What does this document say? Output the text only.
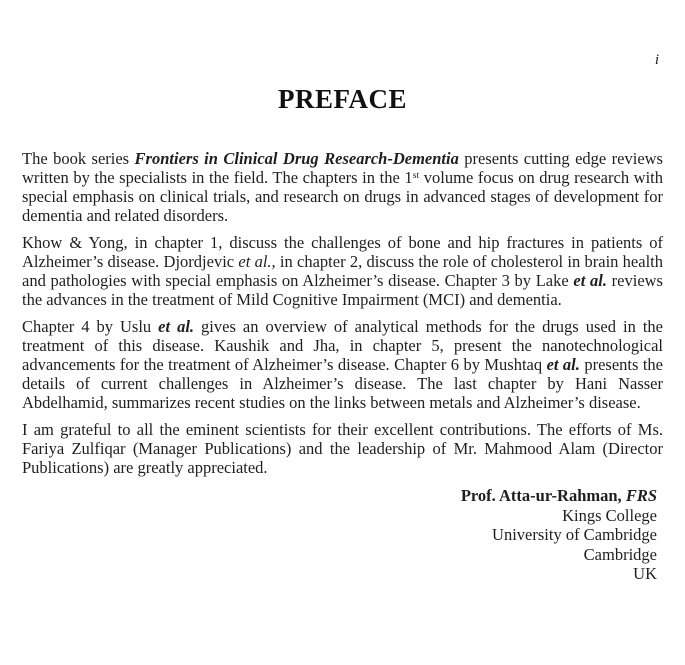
i
PREFACE

The book series Frontiers in Clinical Drug Research-Dementia presents cutting edge reviews written by the specialists in the field. The chapters in the 1st volume focus on drug research with special emphasis on clinical trials, and research on drugs in advanced stages of development for dementia and related disorders.

Khow & Yong, in chapter 1, discuss the challenges of bone and hip fractures in patients of Alzheimer’s disease. Djordjevic et al., in chapter 2, discuss the role of cholesterol in brain health and pathologies with special emphasis on Alzheimer’s disease. Chapter 3 by Lake et al. reviews the advances in the treatment of Mild Cognitive Impairment (MCI) and dementia.

Chapter 4 by Uslu et al. gives an overview of analytical methods for the drugs used in the treatment of this disease. Kaushik and Jha, in chapter 5, present the nanotechnological advancements for the treatment of Alzheimer’s disease. Chapter 6 by Mushtaq et al. presents the details of current challenges in Alzheimer’s disease. The last chapter by Hani Nasser Abdelhamid, summarizes recent studies on the links between metals and Alzheimer’s disease.

I am grateful to all the eminent scientists for their excellent contributions. The efforts of Ms. Fariya Zulfiqar (Manager Publications) and the leadership of Mr. Mahmood Alam (Director Publications) are greatly appreciated.

Prof. Atta-ur-Rahman, FRS
Kings College
University of Cambridge
Cambridge
UK
